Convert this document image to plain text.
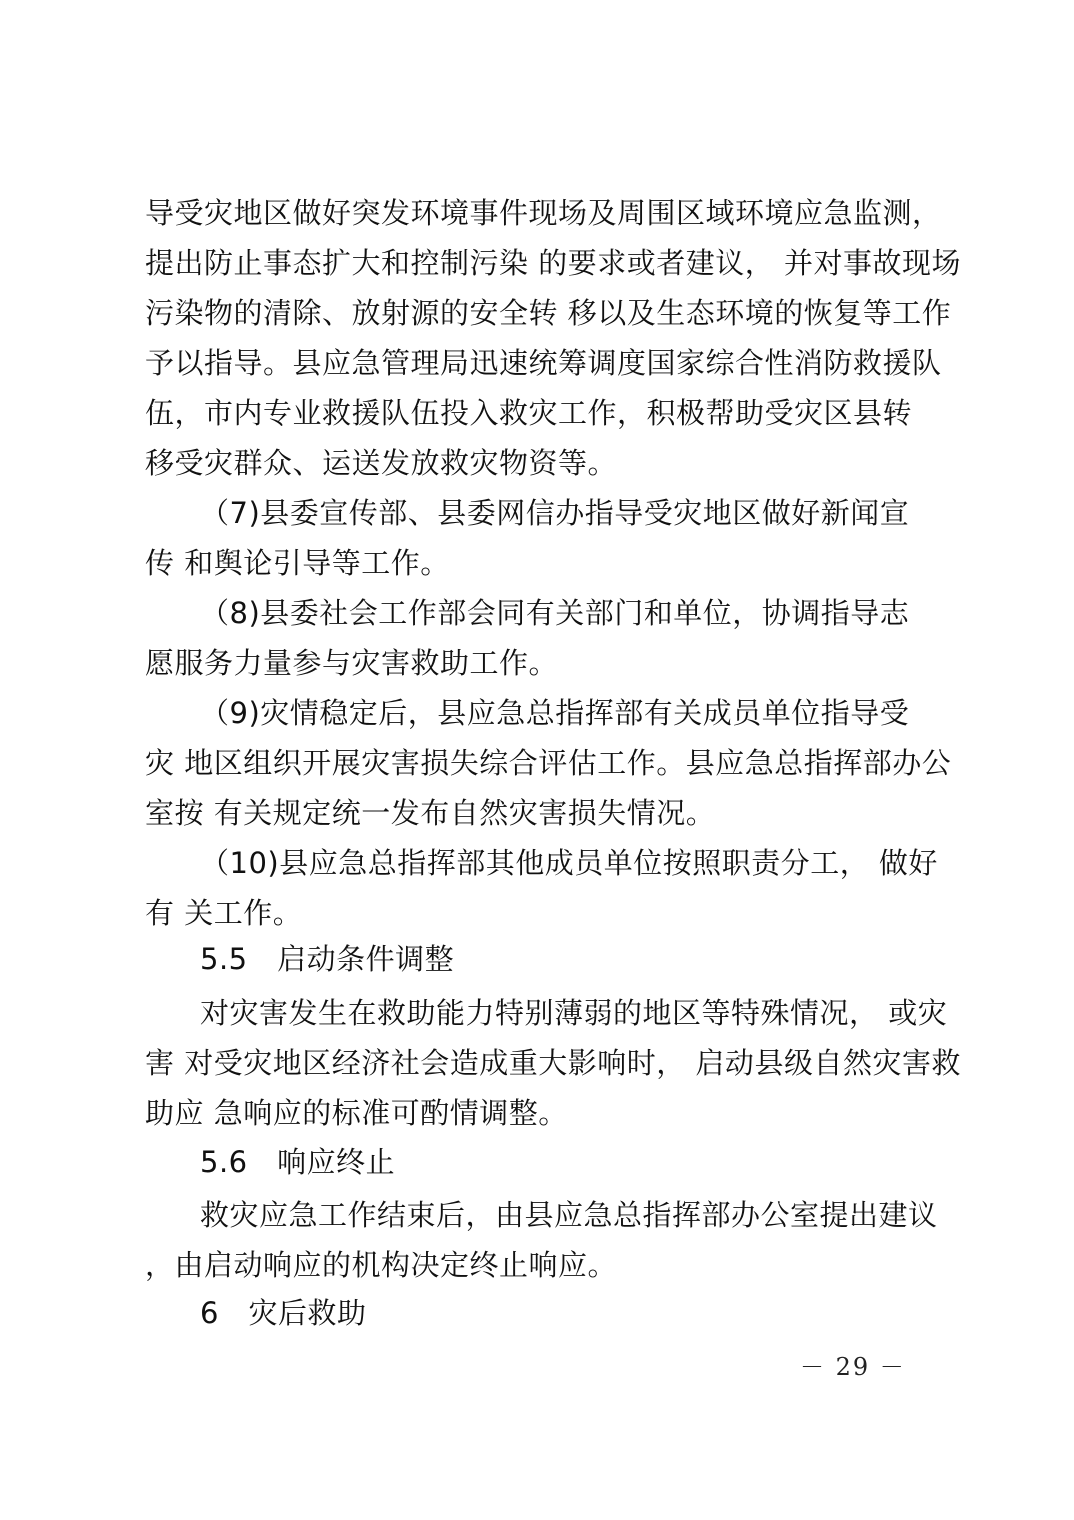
导受灾地区做好突发环境事件现场及周围区域环境应急监测，
提出防止事态扩大和控制污染 的要求或者建议， 并对事故现场
污染物的清除、放射源的安全转 移以及生态环境的恢复等工作
予以指导。县应急管理局迅速统筹调度国家综合性消防救援队
伍，市内专业救援队伍投入救灾工作，积极帮助受灾区县转
移受灾群众、运送发放救灾物资等。
（7)县委宣传部、县委网信办指导受灾地区做好新闻宣
传 和舆论引导等工作。
（8)县委社会工作部会同有关部门和单位，协调指导志
愿服务力量参与灾害救助工作。
（9)灾情稳定后，县应急总指挥部有关成员单位指导受
灾 地区组织开展灾害损失综合评估工作。县应急总指挥部办公
室按 有关规定统一发布自然灾害损失情况。
（10)县应急总指挥部其他成员单位按照职责分工， 做好
有 关工作。
5.5　启动条件调整
对灾害发生在救助能力特别薄弱的地区等特殊情况， 或灾
害 对受灾地区经济社会造成重大影响时， 启动县级自然灾害救
助应 急响应的标准可酌情调整。
5.6　响应终止
救灾应急工作结束后，由县应急总指挥部办公室提出建议
，由启动响应的机构决定终止响应。
6　灾后救助
－ 29 －
